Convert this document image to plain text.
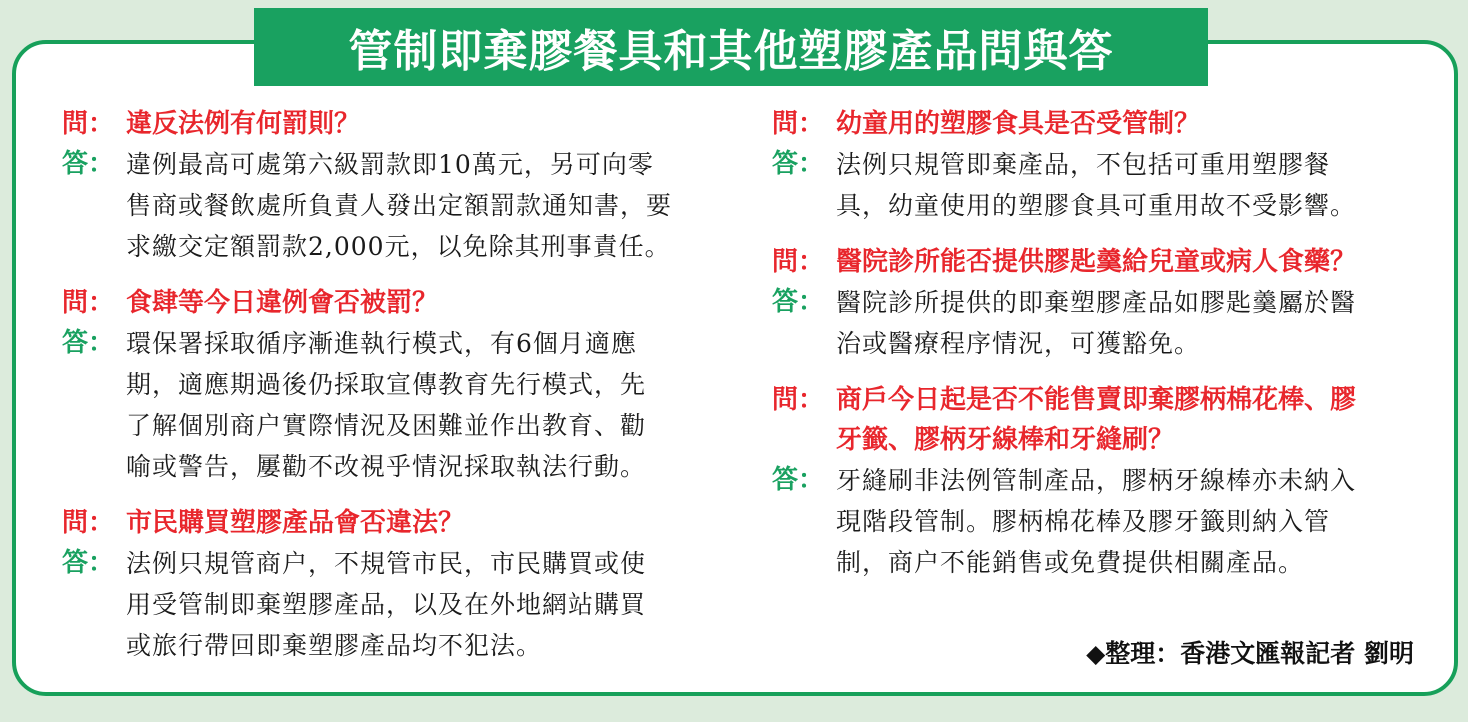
管制即棄膠餐具和其他塑膠產品問與答
問： 違反法例有何罰則？
答： 違例最高可處第六級罰款即10萬元，另可向零
售商或餐飲處所負責人發出定額罰款通知書，要
求繳交定額罰款2,000元，以免除其刑事責任。
問： 食肆等今日違例會否被罰？
答： 環保署採取循序漸進執行模式，有6個月適應
期，適應期過後仍採取宣傳教育先行模式，先
了解個別商户實際情況及困難並作出教育、勸
喻或警告，屢勸不改視乎情況採取執法行動。
問： 市民購買塑膠產品會否違法？
答： 法例只規管商户，不規管市民，市民購買或使
用受管制即棄塑膠產品，以及在外地網站購買
或旅行帶回即棄塑膠產品均不犯法。
問： 幼童用的塑膠食具是否受管制？
答： 法例只規管即棄產品，不包括可重用塑膠餐
具，幼童使用的塑膠食具可重用故不受影響。
問： 醫院診所能否提供膠匙羹給兒童或病人食藥？
答： 醫院診所提供的即棄塑膠產品如膠匙羹屬於醫
治或醫療程序情況，可獲豁免。
問： 商戶今日起是否不能售賣即棄膠柄棉花棒、膠
牙籤、膠柄牙線棒和牙縫刷？
答： 牙縫刷非法例管制產品，膠柄牙線棒亦未納入
現階段管制。膠柄棉花棒及膠牙籤則納入管
制，商户不能銷售或免費提供相關產品。
◆整理：香港文匯報記者 劉明
